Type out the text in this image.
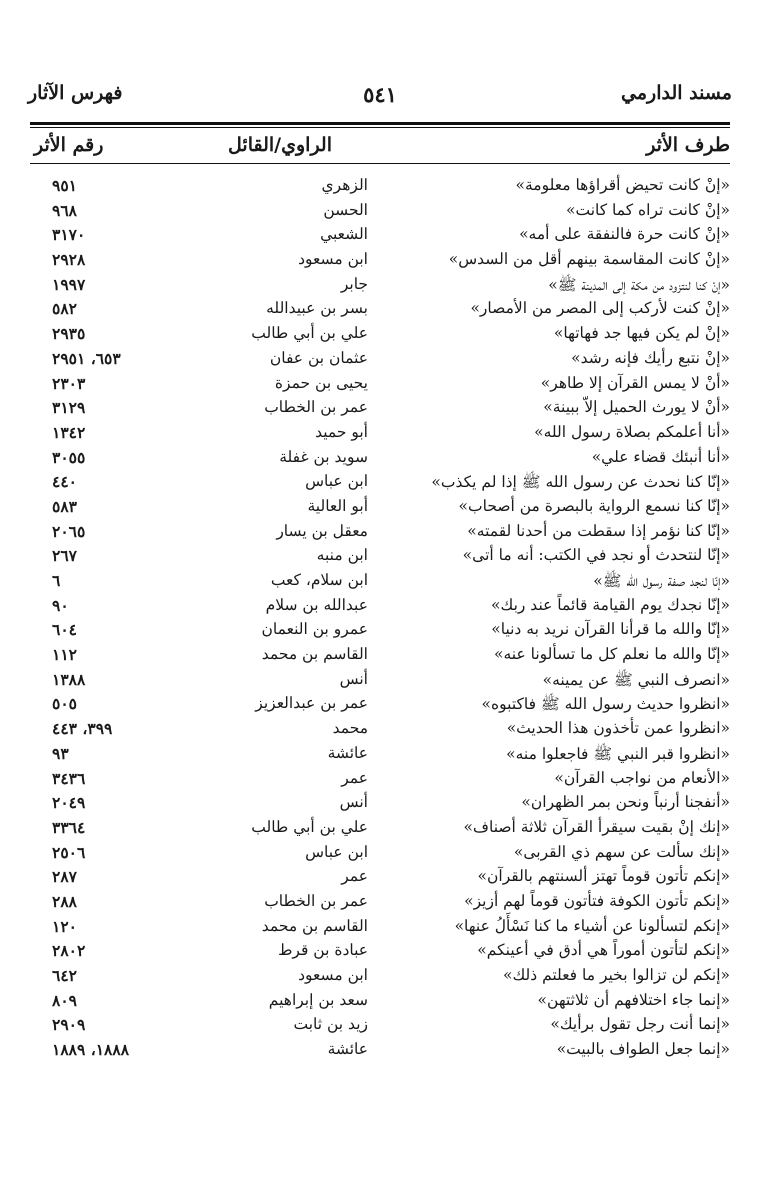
مسند الدارمي
٥٤١
فهرس الآثار
طرف الأثر
الراوي/القائل
رقم الأثر
«إنْ كانت تحيض أقراؤها معلومة»
الزهري
٩٥١
«إنْ كانت تراه كما كانت»
الحسن
٩٦٨
«إنْ كانت حرة فالنفقة على أمه»
الشعبي
٣١٧٠
«إنْ كانت المقاسمة بينهم أقل من السدس»
ابن مسعود
٢٩٢٨
«إنْ كنا لنتزود من مكة إلى المدينة ﷺ»
جابر
١٩٩٧
«إنْ كنت لأركب إلى المصر من الأمصار»
بسر بن عبيدالله
٥٨٢
«إنْ لم يكن فيها جد فهاتها»
علي بن أبي طالب
٢٩٣٥
«إنْ نتبع رأيك فإنه رشد»
عثمان بن عفان
٦٥٣، ٢٩٥١
«أنْ لا يمس القرآن إلا طاهر»
يحيى بن حمزة
٢٣٠٣
«أنْ لا يورث الحميل إلاّ ببينة»
عمر بن الخطاب
٣١٢٩
«أنا أعلمكم بصلاة رسول الله»
أبو حميد
١٣٤٢
«أنا أنبئك قضاء علي»
سويد بن غفلة
٣٠٥٥
«إنّا كنا نحدث عن رسول الله ﷺ إذا لم يكذب»
ابن عباس
٤٤٠
«إنّا كنا نسمع الرواية بالبصرة من أصحاب»
أبو العالية
٥٨٣
«إنّا كنا نؤمر إذا سقطت من أحدنا لقمته»
معقل بن يسار
٢٠٦٥
«إنّا لنتحدث أو نجد في الكتب: أنه ما أتى»
ابن منبه
٢٦٧
«إنّا لنجد صفة رسول الله ﷺ»
ابن سلام، كعب
٦
«إنّا نجدك يوم القيامة قائماً عند ربك»
عبدالله بن سلام
٩٠
«إنّا والله ما قرأنا القرآن نريد به دنيا»
عمرو بن النعمان
٦٠٤
«إنّا والله ما نعلم كل ما تسألونا عنه»
القاسم بن محمد
١١٢
«انصرف النبي ﷺ عن يمينه»
أنس
١٣٨٨
«انظروا حديث رسول الله ﷺ فاكتبوه»
عمر بن عبدالعزيز
٥٠٥
«انظروا عمن تأخذون هذا الحديث»
محمد
٣٩٩، ٤٤٣
«انظروا قبر النبي ﷺ فاجعلوا منه»
عائشة
٩٣
«الأنعام من نواجب القرآن»
عمر
٣٤٣٦
«أنفجنا أرنباً ونحن بمر الظهران»
أنس
٢٠٤٩
«إنك إنْ بقيت سيقرأ القرآن ثلاثة أصناف»
علي بن أبي طالب
٣٣٦٤
«إنك سألت عن سهم ذي القربى»
ابن عباس
٢٥٠٦
«إنكم تأتون قوماً تهتز ألسنتهم بالقرآن»
عمر
٢٨٧
«إنكم تأتون الكوفة فتأتون قوماً لهم أزيز»
عمر بن الخطاب
٢٨٨
«إنكم لتسألونا عن أشياء ما كنا نَسْأَلُ عنها»
القاسم بن محمد
١٢٠
«إنكم لتأتون أموراً هي أدق في أعينكم»
عبادة بن قرط
٢٨٠٢
«إنكم لن تزالوا بخير ما فعلتم ذلك»
ابن مسعود
٦٤٢
«إنما جاء اختلافهم أن ثلاثتهن»
سعد بن إبراهيم
٨٠٩
«إنما أنت رجل تقول برأيك»
زيد بن ثابت
٢٩٠٩
«إنما جعل الطواف بالبيت»
عائشة
١٨٨٨، ١٨٨٩
